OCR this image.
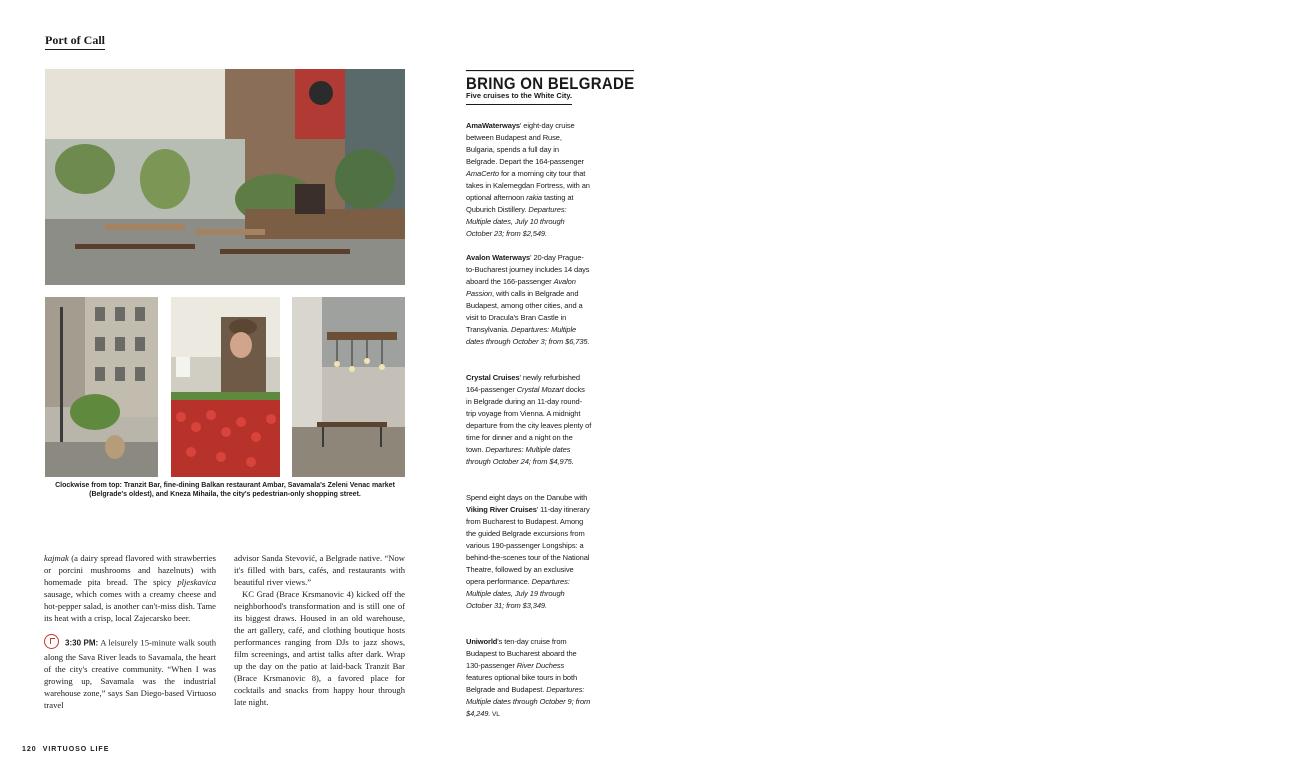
Port of Call
Clockwise from top: Tranzit Bar, fine-dining Balkan restaurant Ambar, Savamala's Zeleni Venac market (Belgrade's oldest), and Kneza Mihaila, the city's pedestrian-only shopping street.

kajmak (a dairy spread flavored with strawberries or porcini mushrooms and hazelnuts) with homemade pita bread. The spicy pljeskavica sausage, which comes with a creamy cheese and hot-pepper salad, is another can't-miss dish. Tame its heat with a crisp, local Zajecarsko beer.

3:30 PM: A leisurely 15-minute walk south along the Sava River leads to Savamala, the heart of the city's creative community. “When I was growing up, Savamala was the industrial warehouse zone,” says San Diego-based Virtuoso travel

advisor Sanda Stevović, a Belgrade native. “Now it's filled with bars, cafés, and restaurants with beautiful river views.”

KC Grad (Brace Krsmanovic 4) kicked off the neighborhood's transformation and is still one of its biggest draws. Housed in an old warehouse, the art gallery, café, and clothing boutique hosts performances ranging from DJs to jazz shows, film screenings, and artist talks after dark. Wrap up the day on the patio at laid-back Tranzit Bar (Brace Krsmanovic 8), a favored place for cocktails and snacks from happy hour through late night.

BRING ON BELGRADE
Five cruises to the White City.

AmaWaterways' eight-day cruise between Budapest and Ruse, Bulgaria, spends a full day in Belgrade. Depart the 164-passenger AmaCerto for a morning city tour that takes in Kalemegdan Fortress, with an optional afternoon rakia tasting at Quburich Distillery. Departures: Multiple dates, July 10 through October 23; from $2,549.

Avalon Waterways' 20-day Prague-to-Bucharest journey includes 14 days aboard the 166-passenger Avalon Passion, with calls in Belgrade and Budapest, among other cities, and a visit to Dracula's Bran Castle in Transylvania. Departures: Multiple dates through October 3; from $6,735.

Crystal Cruises' newly refurbished 164-passenger Crystal Mozart docks in Belgrade during an 11-day round-trip voyage from Vienna. A midnight departure from the city leaves plenty of time for dinner and a night on the town. Departures: Multiple dates through October 24; from $4,975.

Spend eight days on the Danube with Viking River Cruises' 11-day itinerary from Bucharest to Budapest. Among the guided Belgrade excursions from various 190-passenger Longships: a behind-the-scenes tour of the National Theatre, followed by an exclusive opera performance. Departures: Multiple dates, July 19 through October 31; from $3,349.

Uniworld's ten-day cruise from Budapest to Bucharest aboard the 130-passenger River Duchess features optional bike tours in both Belgrade and Budapest. Departures: Multiple dates through October 9; from $4,249. VL

120 VIRTUOSO LIFE
